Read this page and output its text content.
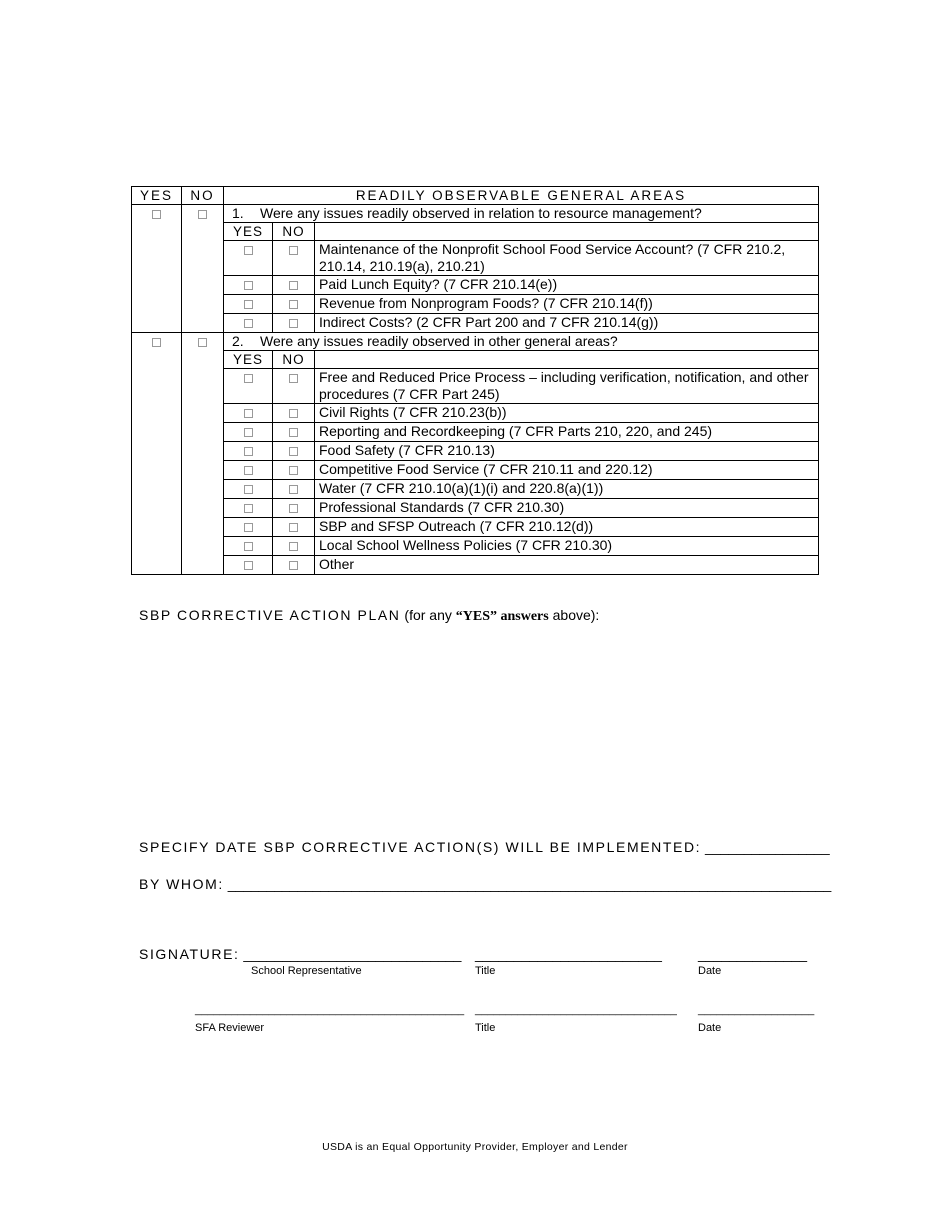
YES	NO	READILY OBSERVABLE GENERAL AREAS		
		1. Were any issues readily observed in relation to resource management?		
		YES	NO	
				Maintenance of the Nonprofit School Food Service Account? (7 CFR 210.2, 210.14, 210.19(a), 210.21)
				Paid Lunch Equity? (7 CFR 210.14(e))
				Revenue from Nonprogram Foods? (7 CFR 210.14(f))
				Indirect Costs? (2 CFR Part 200 and 7 CFR 210.14(g))
		2. Were any issues readily observed in other general areas?		
		YES	NO	
				Free and Reduced Price Process – including verification, notification, and other procedures (7 CFR Part 245)
				Civil Rights (7 CFR 210.23(b))
				Reporting and Recordkeeping (7 CFR Parts 210, 220, and 245)
				Food Safety (7 CFR 210.13)
				Competitive Food Service (7 CFR 210.11 and 220.12)
				Water (7 CFR 210.10(a)(1)(i) and 220.8(a)(1))
				Professional Standards (7 CFR 210.30)
				SBP and SFSP Outreach (7 CFR 210.12(d))
				Local School Wellness Policies (7 CFR 210.30)
				Other
SBP CORRECTIVE ACTION PLAN (for any “YES” answers above):
SPECIFY DATE SBP CORRECTIVE ACTION(S) WILL BE IMPLEMENTED: ________________
BY WHOM: ______________________________________________________________________________
SIGNATURE: ____________________________ ________________________	______________
School Representative	Title	Date
____________________________________________ _________________________________ ___________________
SFA Reviewer	Title	Date
USDA is an Equal Opportunity Provider, Employer and Lender
